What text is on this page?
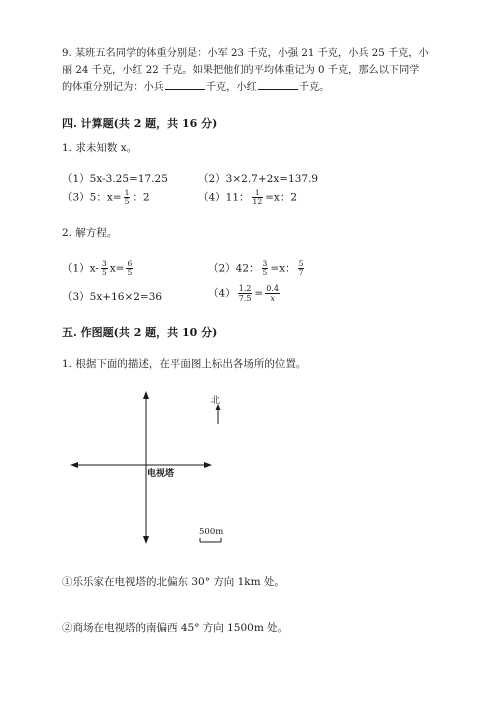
9. 某班五名同学的体重分别是：小军 23 千克，小强 21 千克，小兵 25 千克，小
丽 24 千克，小红 22 千克。如果把他们的平均体重记为 0 千克，那么以下同学
的体重分别记为：小兵	千克，小红	千克。
四. 计算题(共 2 题，共 16 分)
1. 求未知数 x。
（1）5x-3.25=17.25	（2）3×2.7+2x=137.9
（3）5：$x= \frac{1}{5}$ ：2	（4）11： $\frac{1}{12} =x$：2
2. 解方程。
$(1)x- \frac{3}{5} x= \frac{6}{5}$	（2）42： $\frac{3}{5} =x$： $\frac{5}{7}$
（3）5x+16×2=36	$(4) \frac{1.2}{7.5} = \frac{0.4}{x}$
五. 作图题(共 2 题，共 10 分)
1. 根据下面的描述，在平面图上标出各场所的位置。
北
电视塔
500m
①乐乐家在电视塔的北偏东 30° 方向 1km 处。
②商场在电视塔的南偏西 45° 方向 1500m 处。
